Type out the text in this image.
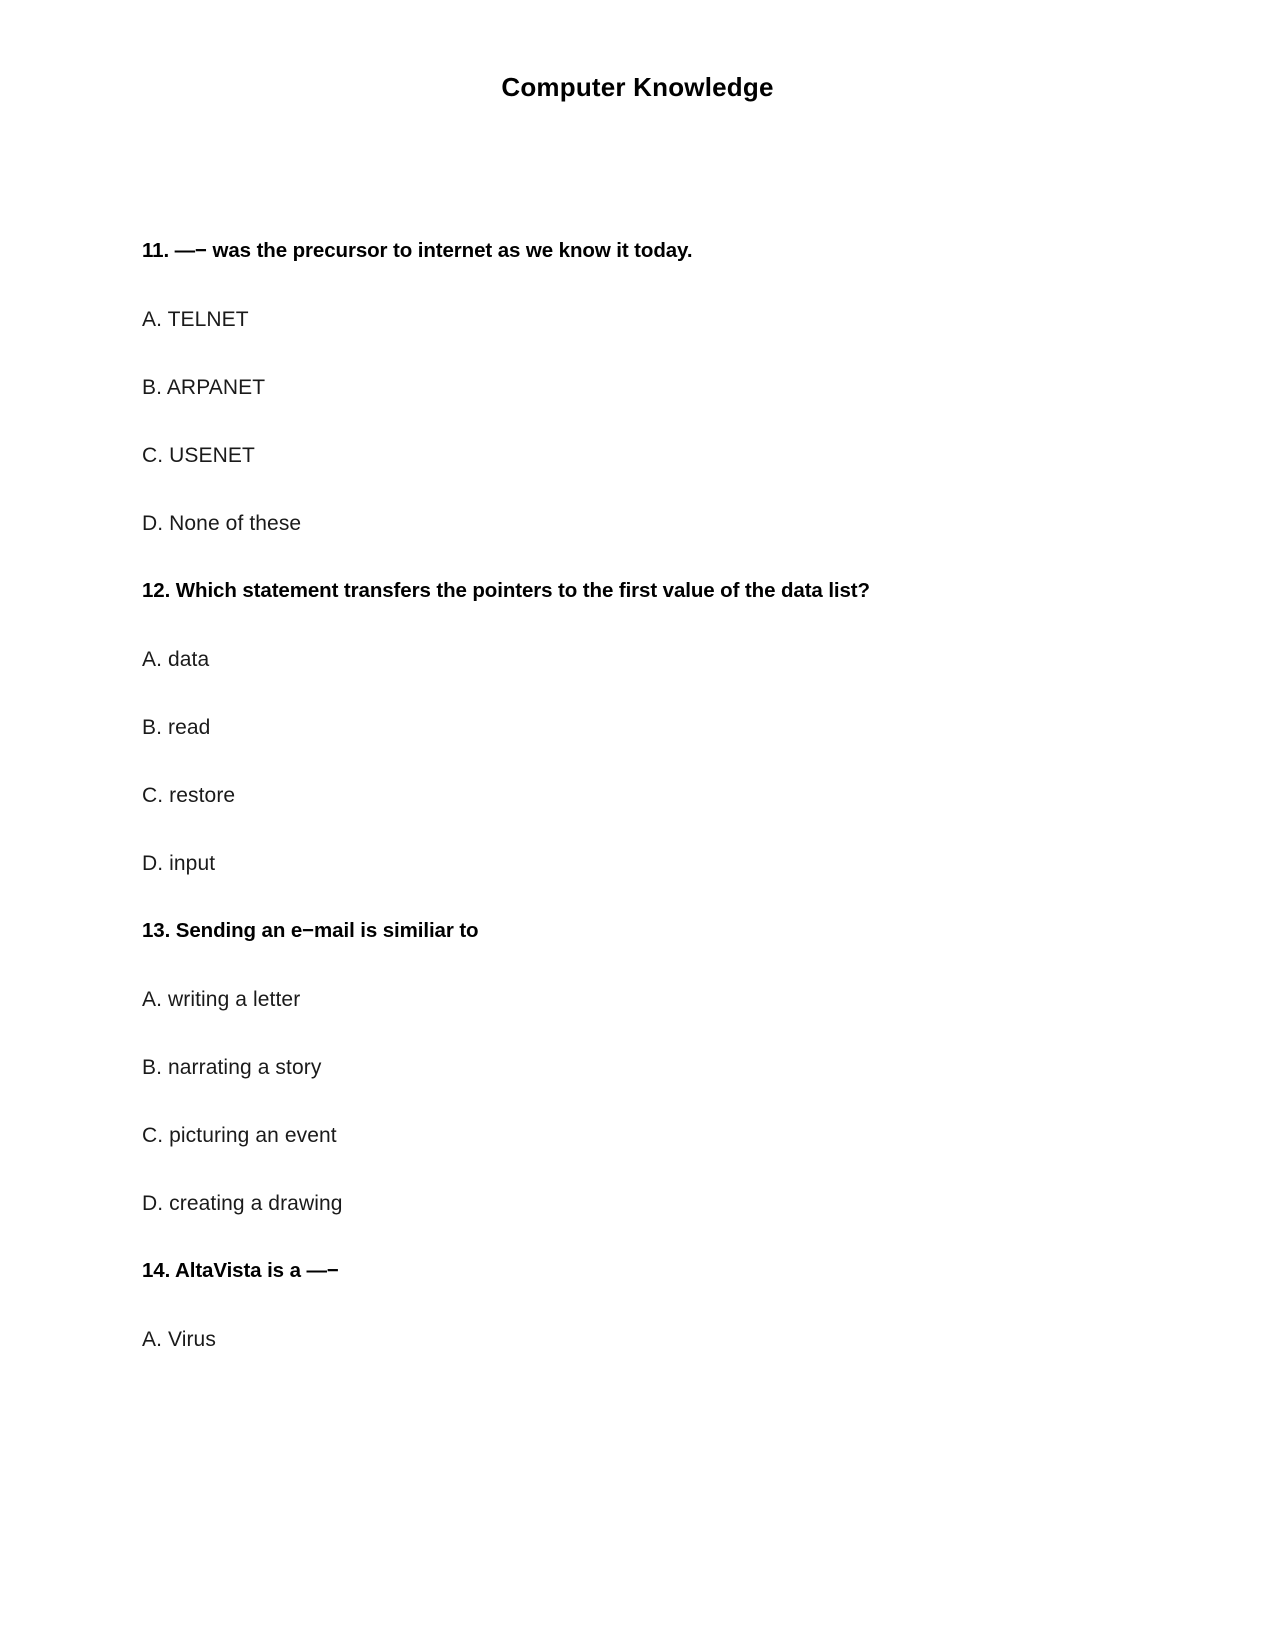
Computer Knowledge
11. —− was the precursor to internet as we know it today.
A. TELNET
B. ARPANET
C. USENET
D. None of these
12. Which statement transfers the pointers to the first value of the data list?
A. data
B. read
C. restore
D. input
13. Sending an e−mail is similiar to
A. writing a letter
B. narrating a story
C. picturing an event
D. creating a drawing
14. AltaVista is a —−
A. Virus
